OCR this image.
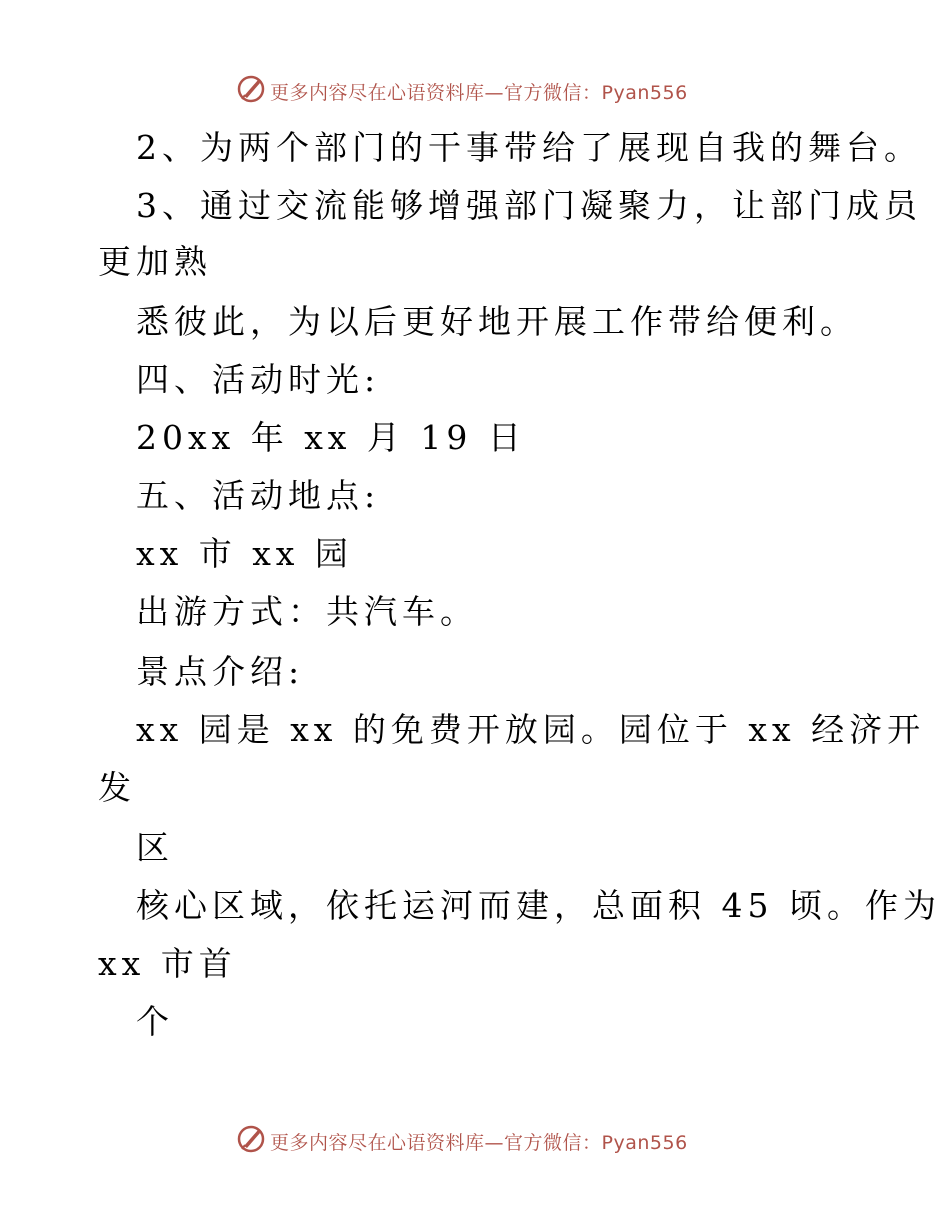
更多内容尽在心语资料库—官方微信：Pyan556
2、为两个部门的干事带给了展现自我的舞台。
3、通过交流能够增强部门凝聚力，让部门成员
更加熟
悉彼此，为以后更好地开展工作带给便利。
四、活动时光:
20xx 年 xx 月 19 日
五、活动地点:
xx 市 xx 园
出游方式：共汽车。
景点介绍:
xx 园是 xx 的免费开放园。园位于 xx 经济开
发
区
核心区域，依托运河而建，总面积 45 顷。作为
xx 市首
个
更多内容尽在心语资料库—官方微信：Pyan556
